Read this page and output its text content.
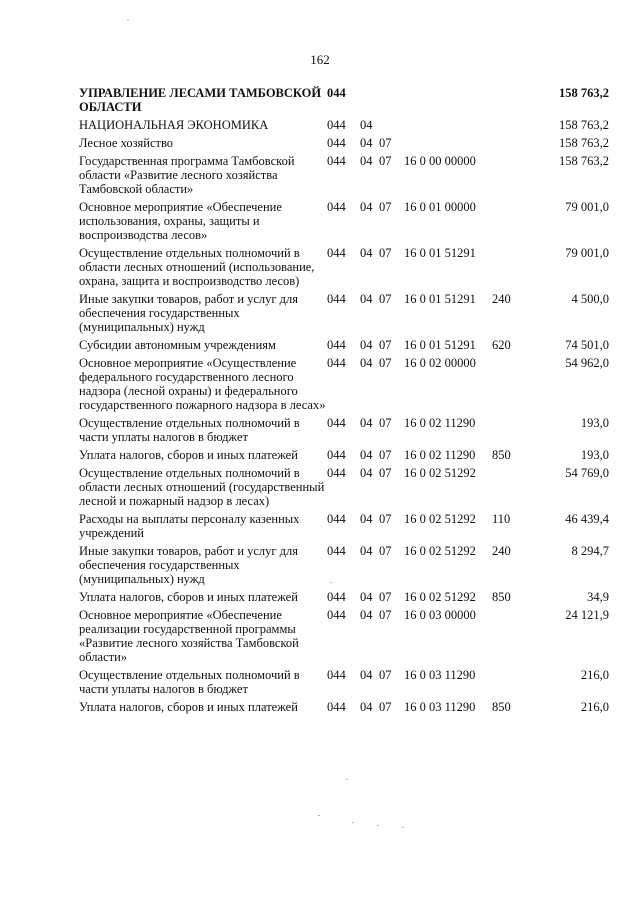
162
УПРАВЛЕНИЕ ЛЕСАМИ ТАМБОВСКОЙ ОБЛАСТИ	044					158 763,2
НАЦИОНАЛЬНАЯ ЭКОНОМИКА	044	04				158 763,2
Лесное хозяйство	044	04	07			158 763,2
Государственная программа Тамбовской области «Развитие лесного хозяйства Тамбовской области»	044	04	07	16 0 00 00000		158 763,2
Основное мероприятие «Обеспечение использования, охраны, защиты и воспроизводства лесов»	044	04	07	16 0 01 00000		79 001,0
Осуществление отдельных полномочий в области лесных отношений (использование, охрана, защита и воспроизводство лесов)	044	04	07	16 0 01 51291		79 001,0
Иные закупки товаров, работ и услуг для обеспечения государственных (муниципальных) нужд	044	04	07	16 0 01 51291	240	4 500,0
Субсидии автономным учреждениям	044	04	07	16 0 01 51291	620	74 501,0
Основное мероприятие «Осуществление федерального государственного лесного надзора (лесной охраны) и федерального государственного пожарного надзора в лесах»	044	04	07	16 0 02 00000		54 962,0
Осуществление отдельных полномочий в части уплаты налогов в бюджет	044	04	07	16 0 02 11290		193,0
Уплата налогов, сборов и иных платежей	044	04	07	16 0 02 11290	850	193,0
Осуществление отдельных полномочий в области лесных отношений (государственный лесной и пожарный надзор в лесах)	044	04	07	16 0 02 51292		54 769,0
Расходы на выплаты персоналу казенных учреждений	044	04	07	16 0 02 51292	110	46 439,4
Иные закупки товаров, работ и услуг для обеспечения государственных (муниципальных) нужд	044	04	07	16 0 02 51292	240	8 294,7
Уплата налогов, сборов и иных платежей	044	04	07	16 0 02 51292	850	34,9
Основное мероприятие «Обеспечение реализации государственной программы «Развитие лесного хозяйства Тамбовской области»	044	04	07	16 0 03 00000		24 121,9
Осуществление отдельных полномочий в части уплаты налогов в бюджет	044	04	07	16 0 03 11290		216,0
Уплата налогов, сборов и иных платежей	044	04	07	16 0 03 11290	850	216,0
